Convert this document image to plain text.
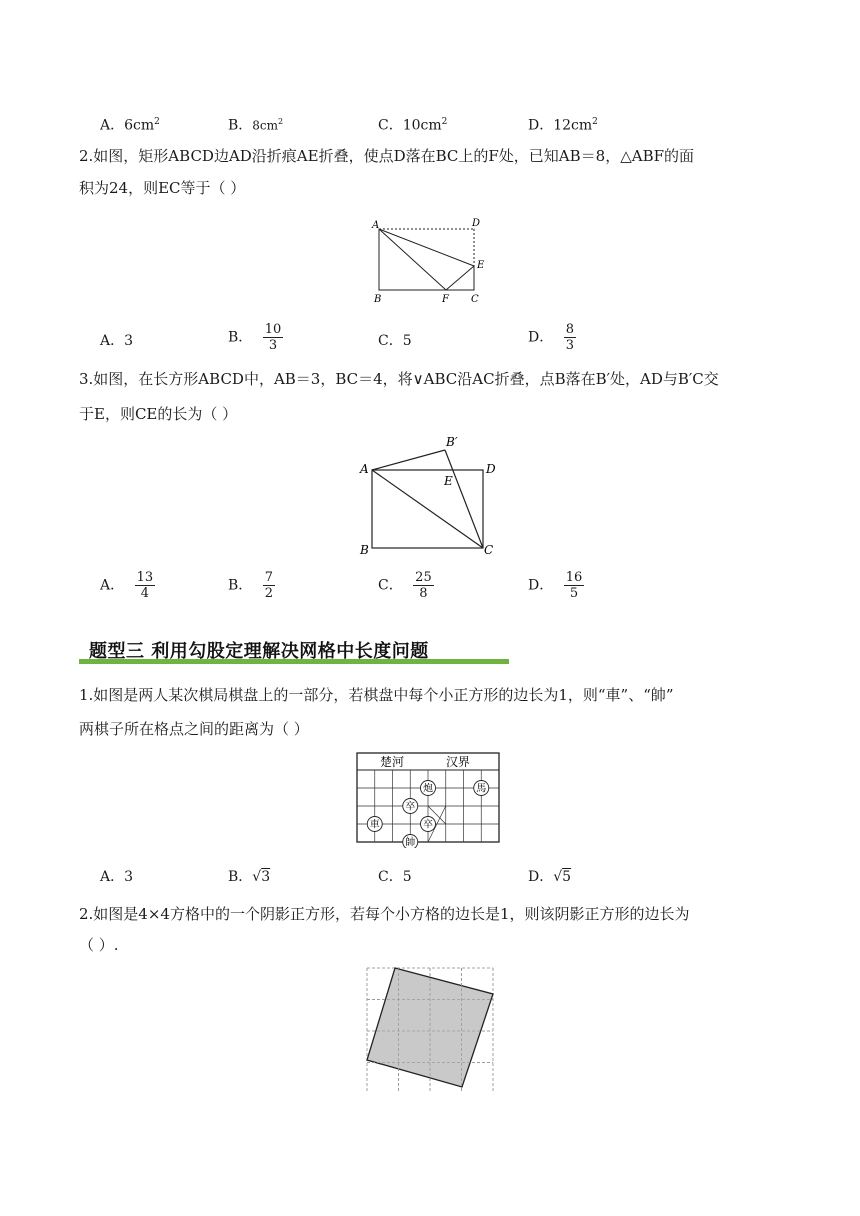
A．$6cm^2$	B．$8cm^2$	C．$10cm^2$	D．$12cm^2$
2.如图，矩形ABCD边AD沿折痕AE折叠，使点D落在BC上的F处，已知AB＝8，△ABF的面
积为24，则EC等于（ ）
A	D
E
B	F C
A．3	B． $\frac{10}{3}$	C．5	D． $\frac{8}{3}$
3.如图，在长方形ABCD中，AB＝3，BC＝4，将∨ABC沿AC折叠，点B落在B′处，AD与B′C交
于E，则CE的长为（ ）
B′
A	D
E
B	C
A． $\frac{13}{4}$	B． $\frac{7}{2}$	C． $\frac{25}{8}$	D． $\frac{16}{5}$
题型三 利用勾股定理解决网格中长度问题
1.如图是两人某次棋局棋盘上的一部分，若棋盘中每个小正方形的边长为1，则“車”、“帥”
两棋子所在格点之间的距离为（ ）
楚河	汉界
炮	馬
卒
車	卒
帥
A．3	B．√3	C．5	D．√5
2.如图是4×4方格中的一个阴影正方形，若每个小方格的边长是1，则该阴影正方形的边长为
（ ）.
